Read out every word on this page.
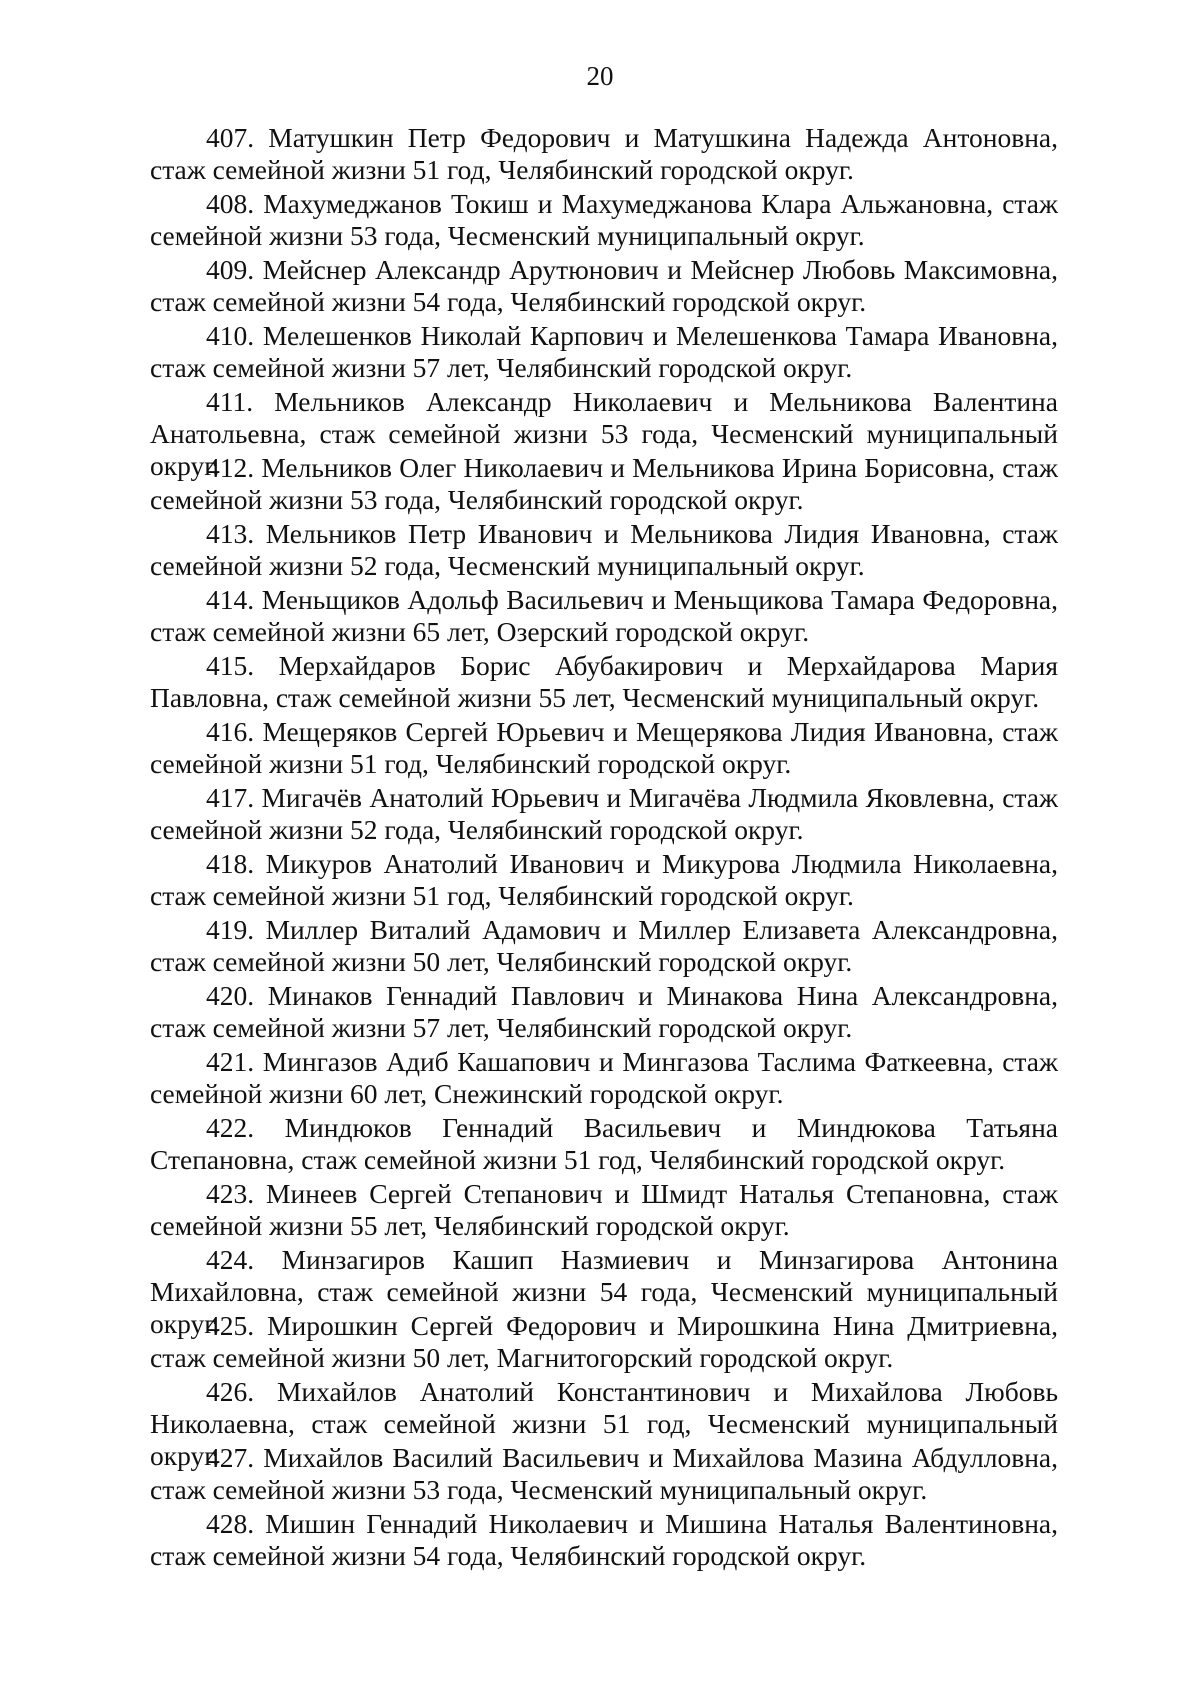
20

407. Матушкин Петр Федорович и Матушкина Надежда Антоновна, стаж семейной жизни 51 год, Челябинский городской округ.

408. Махумеджанов Токиш и Махумеджанова Клара Альжановна, стаж семейной жизни 53 года, Чесменский муниципальный округ.

409. Мейснер Александр Арутюнович и Мейснер Любовь Максимовна, стаж семейной жизни 54 года, Челябинский городской округ.

410. Мелешенков Николай Карпович и Мелешенкова Тамара Ивановна, стаж семейной жизни 57 лет, Челябинский городской округ.

411. Мельников Александр Николаевич и Мельникова Валентина Анатольевна, стаж семейной жизни 53 года, Чесменский муниципальный округ.

412. Мельников Олег Николаевич и Мельникова Ирина Борисовна, стаж семейной жизни 53 года, Челябинский городской округ.

413. Мельников Петр Иванович и Мельникова Лидия Ивановна, стаж семейной жизни 52 года, Чесменский муниципальный округ.

414. Меньщиков Адольф Васильевич и Меньщикова Тамара Федоровна, стаж семейной жизни 65 лет, Озерский городской округ.

415. Мерхайдаров Борис Абубакирович и Мерхайдарова Мария Павловна, стаж семейной жизни 55 лет, Чесменский муниципальный округ.

416. Мещеряков Сергей Юрьевич и Мещерякова Лидия Ивановна, стаж семейной жизни 51 год, Челябинский городской округ.

417. Мигачёв Анатолий Юрьевич и Мигачёва Людмила Яковлевна, стаж семейной жизни 52 года, Челябинский городской округ.

418. Микуров Анатолий Иванович и Микурова Людмила Николаевна, стаж семейной жизни 51 год, Челябинский городской округ.

419. Миллер Виталий Адамович и Миллер Елизавета Александровна, стаж семейной жизни 50 лет, Челябинский городской округ.

420. Минаков Геннадий Павлович и Минакова Нина Александровна, стаж семейной жизни 57 лет, Челябинский городской округ.

421. Мингазов Адиб Кашапович и Мингазова Таслима Фаткеевна, стаж семейной жизни 60 лет, Снежинский городской округ.

422. Миндюков Геннадий Васильевич и Миндюкова Татьяна Степановна, стаж семейной жизни 51 год, Челябинский городской округ.

423. Минеев Сергей Степанович и Шмидт Наталья Степановна, стаж семейной жизни 55 лет, Челябинский городской округ.

424. Минзагиров Кашип Назмиевич и Минзагирова Антонина Михайловна, стаж семейной жизни 54 года, Чесменский муниципальный округ.

425. Мирошкин Сергей Федорович и Мирошкина Нина Дмитриевна, стаж семейной жизни 50 лет, Магнитогорский городской округ.

426. Михайлов Анатолий Константинович и Михайлова Любовь Николаевна, стаж семейной жизни 51 год, Чесменский муниципальный округ.

427. Михайлов Василий Васильевич и Михайлова Мазина Абдулловна, стаж семейной жизни 53 года, Чесменский муниципальный округ.

428. Мишин Геннадий Николаевич и Мишина Наталья Валентиновна, стаж семейной жизни 54 года, Челябинский городской округ.
